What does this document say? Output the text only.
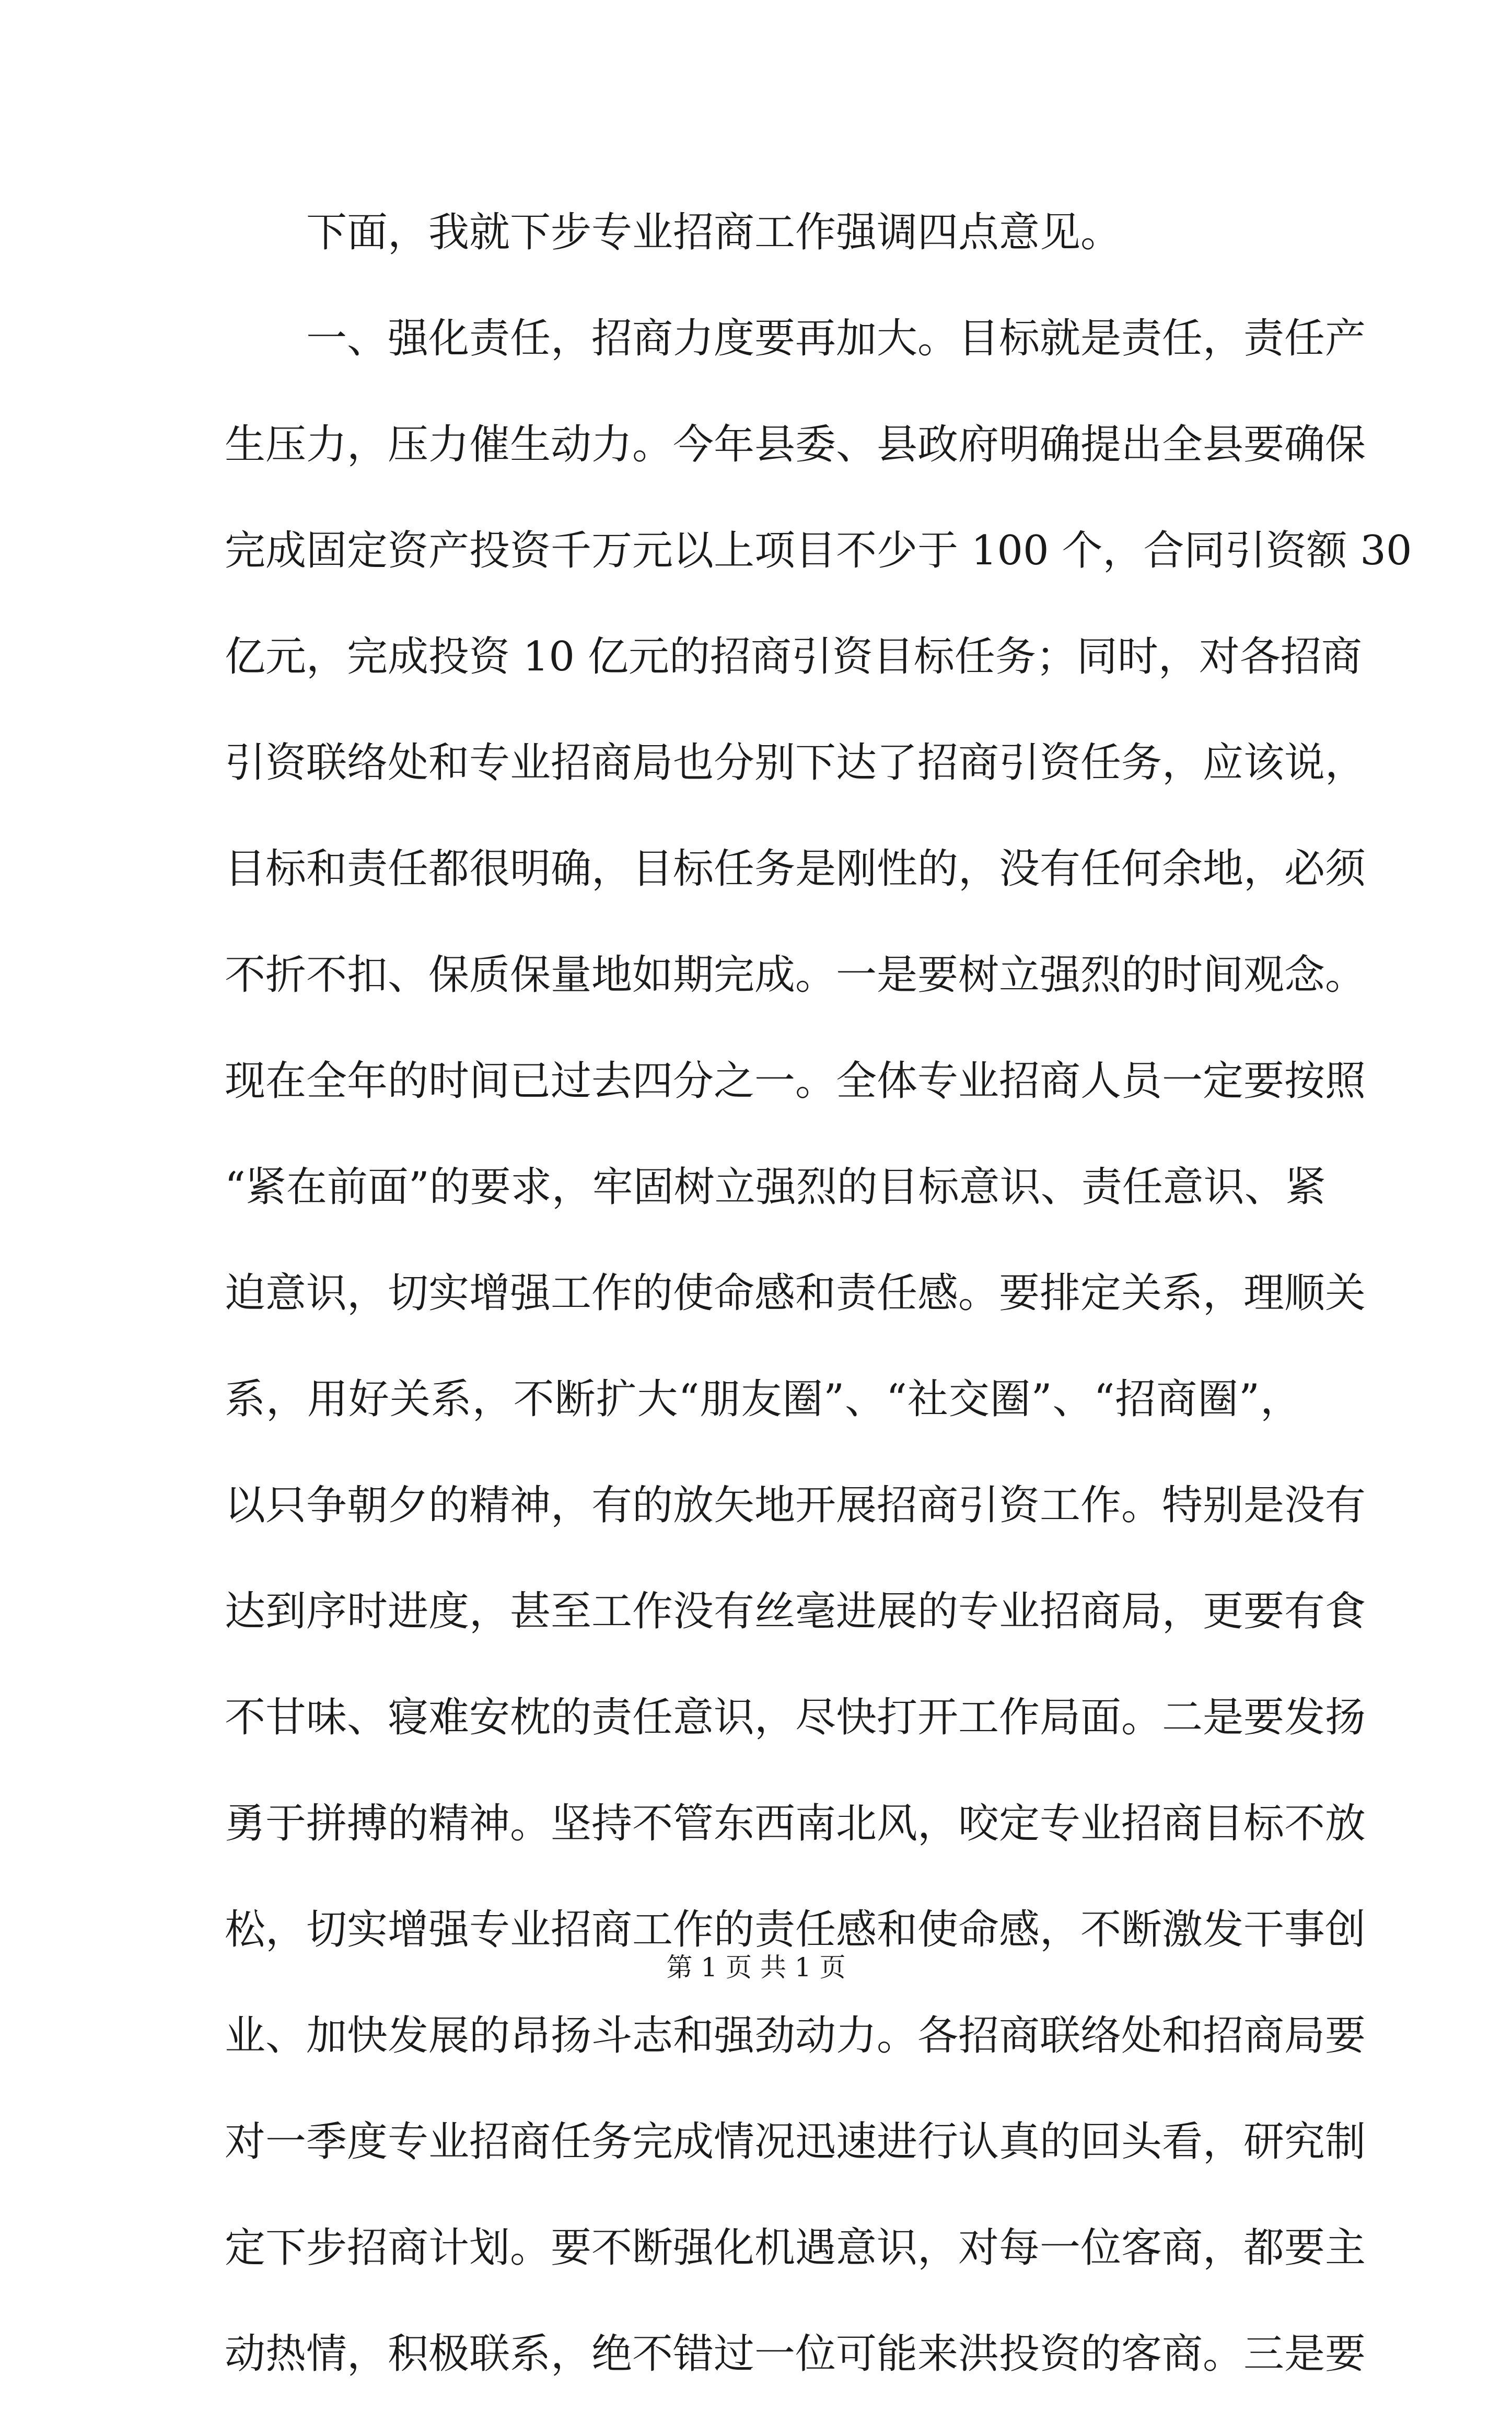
下面，我就下步专业招商工作强调四点意见。
一、强化责任，招商力度要再加大。目标就是责任，责任产
生压力，压力催生动力。今年县委、县政府明确提出全县要确保
完成固定资产投资千万元以上项目不少于 100 个，合同引资额 30
亿元，完成投资 10 亿元的招商引资目标任务；同时，对各招商
引资联络处和专业招商局也分别下达了招商引资任务，应该说，
目标和责任都很明确，目标任务是刚性的，没有任何余地，必须
不折不扣、保质保量地如期完成。一是要树立强烈的时间观念。
现在全年的时间已过去四分之一。全体专业招商人员一定要按照
“紧在前面”的要求，牢固树立强烈的目标意识、责任意识、紧
迫意识，切实增强工作的使命感和责任感。要排定关系，理顺关
系，用好关系，不断扩大“朋友圈”、“社交圈”、“招商圈”，
以只争朝夕的精神，有的放矢地开展招商引资工作。特别是没有
达到序时进度，甚至工作没有丝毫进展的专业招商局，更要有食
不甘味、寝难安枕的责任意识，尽快打开工作局面。二是要发扬
勇于拼搏的精神。坚持不管东西南北风，咬定专业招商目标不放
松，切实增强专业招商工作的责任感和使命感，不断激发干事创
业、加快发展的昂扬斗志和强劲动力。各招商联络处和招商局要
对一季度专业招商任务完成情况迅速进行认真的回头看，研究制
定下步招商计划。要不断强化机遇意识，对每一位客商，都要主
动热情，积极联系，绝不错过一位可能来洪投资的客商。三是要
第 1 页 共 1 页
